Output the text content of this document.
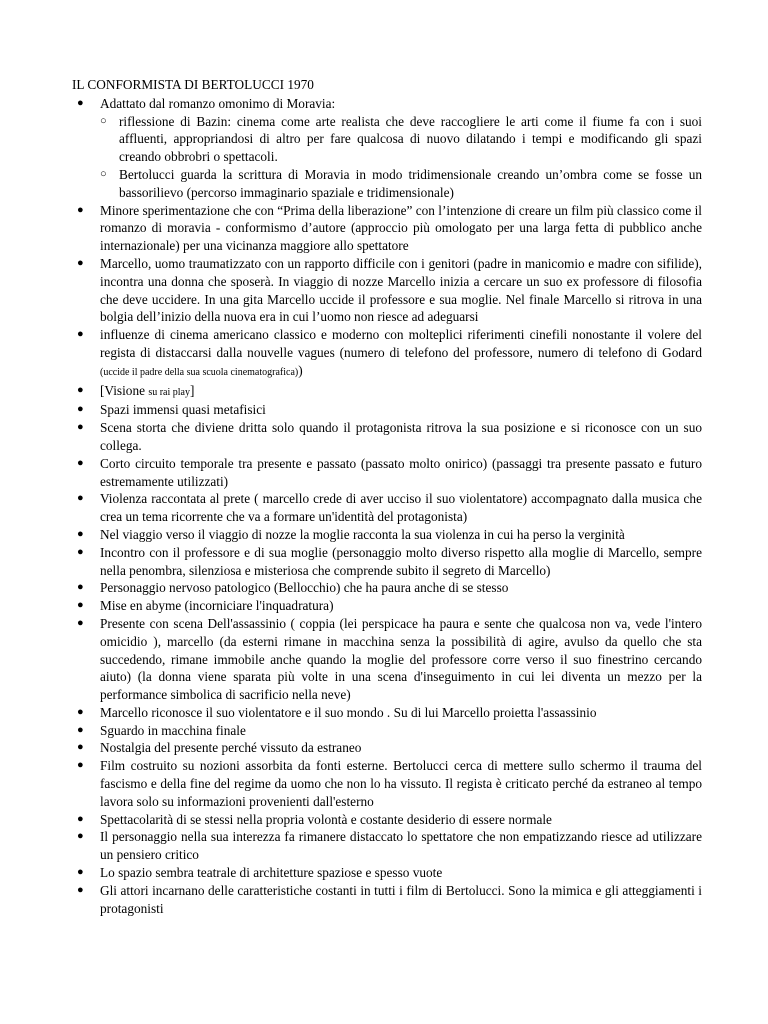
IL CONFORMISTA DI BERTOLUCCI 1970
● Adattato dal romanzo omonimo di Moravia:
○ riflessione di Bazin: cinema come arte realista che deve raccogliere le arti come il fiume fa con i suoi affluenti, appropriandosi di altro per fare qualcosa di nuovo dilatando i tempi e modificando gli spazi creando obbrobri o spettacoli.
○ Bertolucci guarda la scrittura di Moravia in modo tridimensionale creando un’ombra come se fosse un bassorilievo (percorso immaginario spaziale e tridimensionale)
● Minore sperimentazione che con “Prima della liberazione” con l’intenzione di creare un film più classico come il romanzo di moravia - conformismo d’autore (approccio più omologato per una larga fetta di pubblico anche internazionale) per una vicinanza maggiore allo spettatore
● Marcello, uomo traumatizzato con un rapporto difficile con i genitori (padre in manicomio e madre con sifilide), incontra una donna che sposerà. In viaggio di nozze Marcello inizia a cercare un suo ex professore di filosofia che deve uccidere. In una gita Marcello uccide il professore e sua moglie. Nel finale Marcello si ritrova in una bolgia dell’inizio della nuova era in cui l’uomo non riesce ad adeguarsi
● influenze di cinema americano classico e moderno con molteplici riferimenti cinefili nonostante il volere del regista di distaccarsi dalla nouvelle vagues (numero di telefono del professore, numero di telefono di Godard (uccide il padre della sua scuola cinematografica))
● [Visione su rai play]
● Spazi immensi quasi metafisici
● Scena storta che diviene dritta solo quando il protagonista ritrova la sua posizione e si riconosce con un suo collega.
● Corto circuito temporale tra presente e passato (passato molto onirico) (passaggi tra presente passato e futuro estremamente utilizzati)
● Violenza raccontata al prete ( marcello crede di aver ucciso il suo violentatore) accompagnato dalla musica che crea un tema ricorrente che va a formare un'identità del protagonista)
● Nel viaggio verso il viaggio di nozze la moglie racconta la sua violenza in cui ha perso la verginità
● Incontro con il professore e di sua moglie (personaggio molto diverso rispetto alla moglie di Marcello, sempre nella penombra, silenziosa e misteriosa che comprende subito il segreto di Marcello)
● Personaggio nervoso patologico (Bellocchio) che ha paura anche di se stesso
● Mise en abyme (incorniciare l'inquadratura)
● Presente con scena Dell'assassinio ( coppia (lei perspicace ha paura e sente che qualcosa non va, vede l'intero omicidio ), marcello (da esterni rimane in macchina senza la possibilità di agire, avulso da quello che sta succedendo, rimane immobile anche quando la moglie del professore corre verso il suo finestrino cercando aiuto) (la donna viene sparata più volte in una scena d'inseguimento in cui lei diventa un mezzo per la performance simbolica di sacrificio nella neve)
● Marcello riconosce il suo violentatore e il suo mondo . Su di lui Marcello proietta l'assassinio
● Sguardo in macchina finale
● Nostalgia del presente perché vissuto da estraneo
● Film costruito su nozioni assorbita da fonti esterne. Bertolucci cerca di mettere sullo schermo il trauma del fascismo e della fine del regime da uomo che non lo ha vissuto. Il regista è criticato perché da estraneo al tempo lavora solo su informazioni provenienti dall'esterno
● Spettacolarità di se stessi nella propria volontà e costante desiderio di essere normale
● Il personaggio nella sua interezza fa rimanere distaccato lo spettatore che non empatizzando riesce ad utilizzare un pensiero critico
● Lo spazio sembra teatrale di architetture spaziose e spesso vuote
● Gli attori incarnano delle caratteristiche costanti in tutti i film di Bertolucci. Sono la mimica e gli atteggiamenti i protagonisti
